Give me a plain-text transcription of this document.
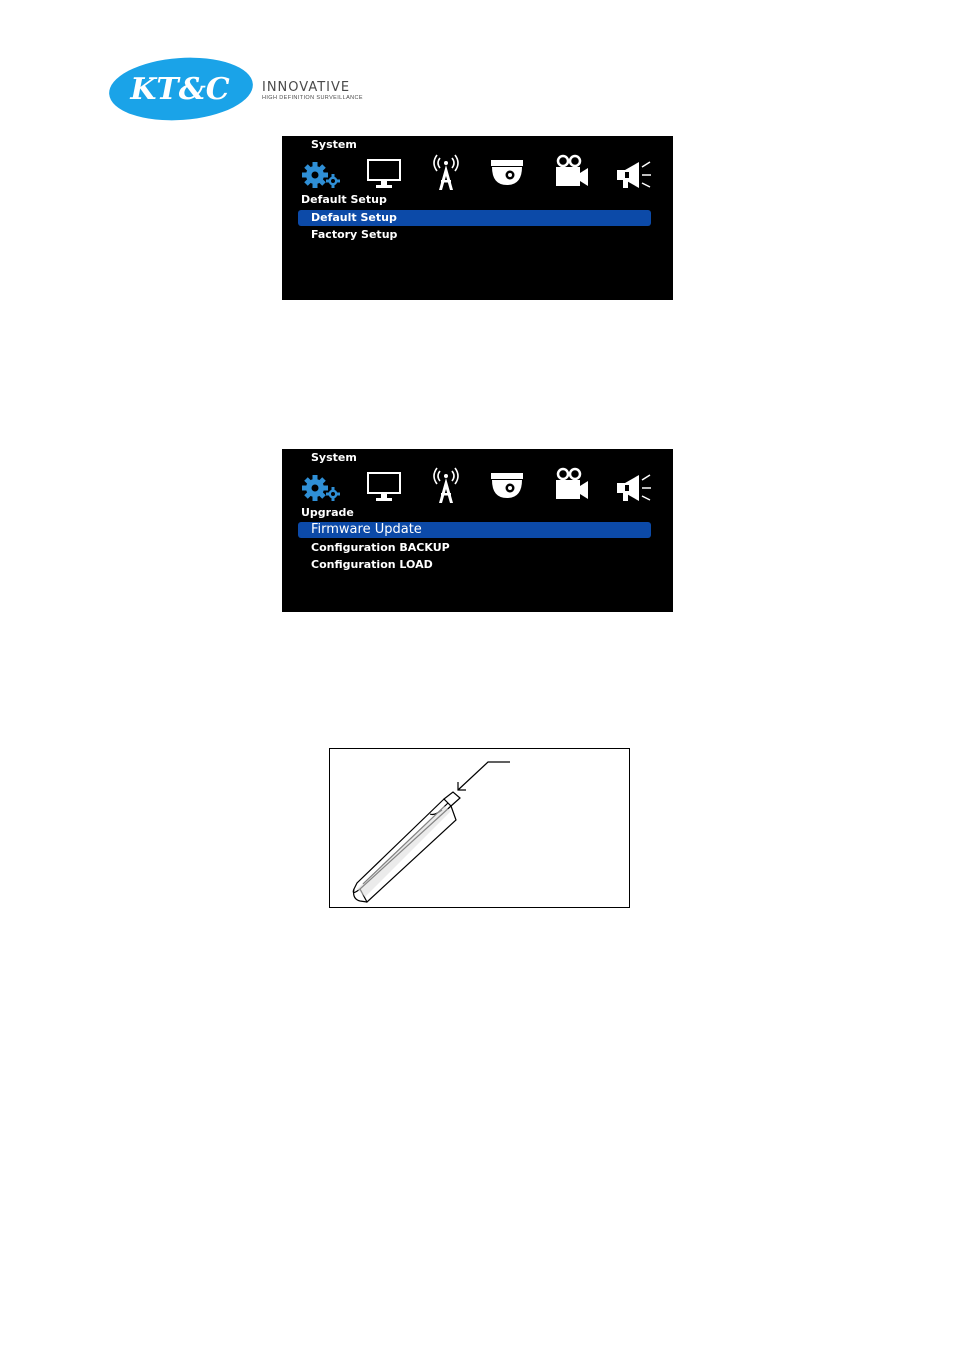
KT&C INNOVATIVE
HIGH DEFINITION SURVEILLANCE
System
Default Setup
Default Setup
Factory Setup
System
Upgrade
Firmware Update
Configuration BACKUP
Configuration LOAD
